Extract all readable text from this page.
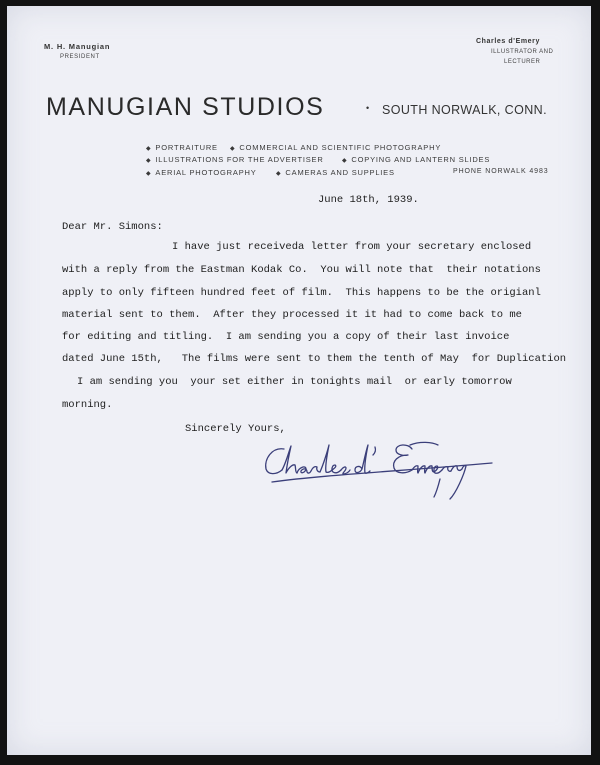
M. H. Manugian
PRESIDENT
Charles d'Emery
ILLUSTRATOR AND
LECTURER
MANUGIAN STUDIOS	• SOUTH NORWALK, CONN.
◆ PORTRAITURE ◆ COMMERCIAL AND SCIENTIFIC PHOTOGRAPHY
◆ ILLUSTRATIONS FOR THE ADVERTISER	◆ COPYING AND LANTERN SLIDES
◆ AERIAL PHOTOGRAPHY	◆ CAMERAS AND SUPPLIES	PHONE NORWALK 4983
June 18th, 1939.
Dear Mr. Simons:
I have just receiveda letter from your secretary enclosed
with a reply from the Eastman Kodak Co.  You will note that  their notations
apply to only fifteen hundred feet of film.  This happens to be the origianl
material sent to them.  After they processed it it had to come back to me
for editing and titling.  I am sending you a copy of their last invoice
dated June 15th,   The films were sent to them the tenth of May  for Duplication
I am sending you  your set either in tonights mail  or early tomorrow
morning.
Sincerely Yours,
